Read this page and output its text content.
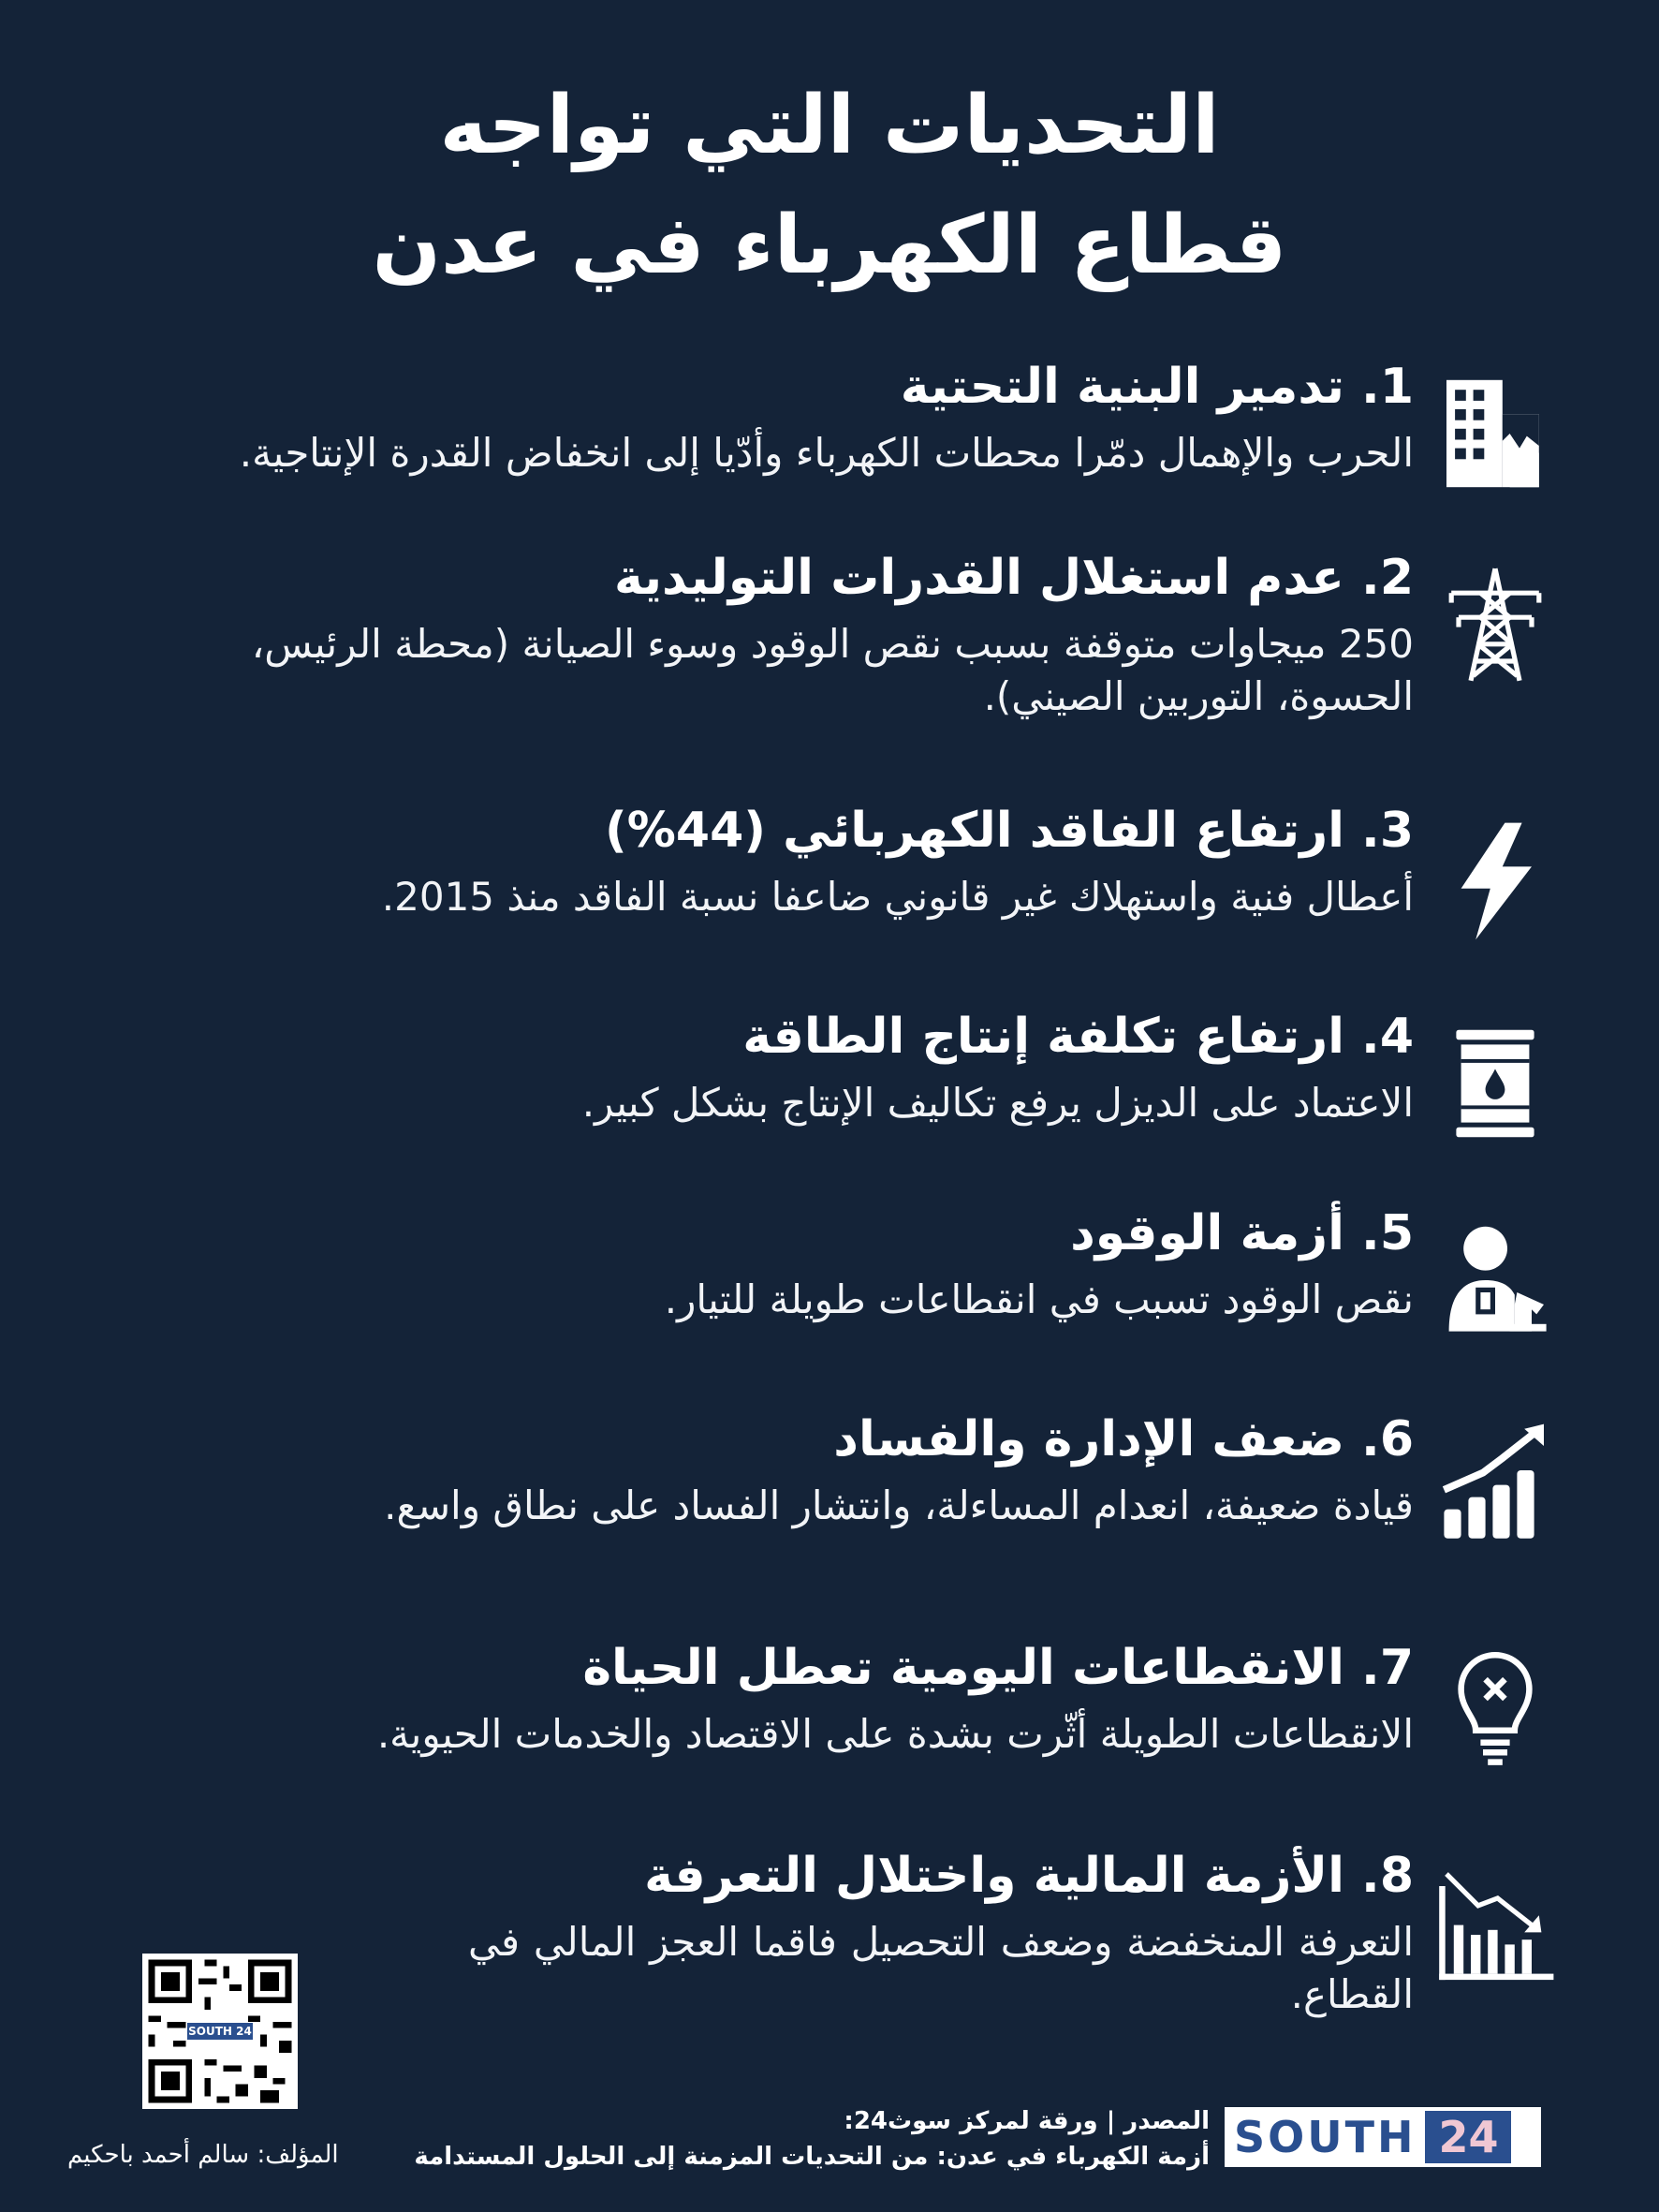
التحديات التي تواجه
قطاع الكهرباء في عدن
1. تدمير البنية التحتية
الحرب والإهمال دمّرا محطات الكهرباء وأدّيا إلى انخفاض القدرة الإنتاجية.
2. عدم استغلال القدرات التوليدية
250 ميجاوات متوقفة بسبب نقص الوقود وسوء الصيانة (محطة الرئيس، الحسوة، التوربين الصيني).
3. ارتفاع الفاقد الكهربائي (44%)
أعطال فنية واستهلاك غير قانوني ضاعفا نسبة الفاقد منذ 2015.
4. ارتفاع تكلفة إنتاج الطاقة
الاعتماد على الديزل يرفع تكاليف الإنتاج بشكل كبير.
5. أزمة الوقود
نقص الوقود تسبب في انقطاعات طويلة للتيار.
6. ضعف الإدارة والفساد
قيادة ضعيفة، انعدام المساءلة، وانتشار الفساد على نطاق واسع.
7. الانقطاعات اليومية تعطل الحياة
الانقطاعات الطويلة أثّرت بشدة على الاقتصاد والخدمات الحيوية.
8. الأزمة المالية واختلال التعرفة
التعرفة المنخفضة وضعف التحصيل فاقما العجز المالي في القطاع.
SOUTH 24
المؤلف: سالم أحمد باحكيم
المصدر | ورقة لمركز سوث24:
أزمة الكهرباء في عدن: من التحديات المزمنة إلى الحلول المستدامة SOUTH 24
